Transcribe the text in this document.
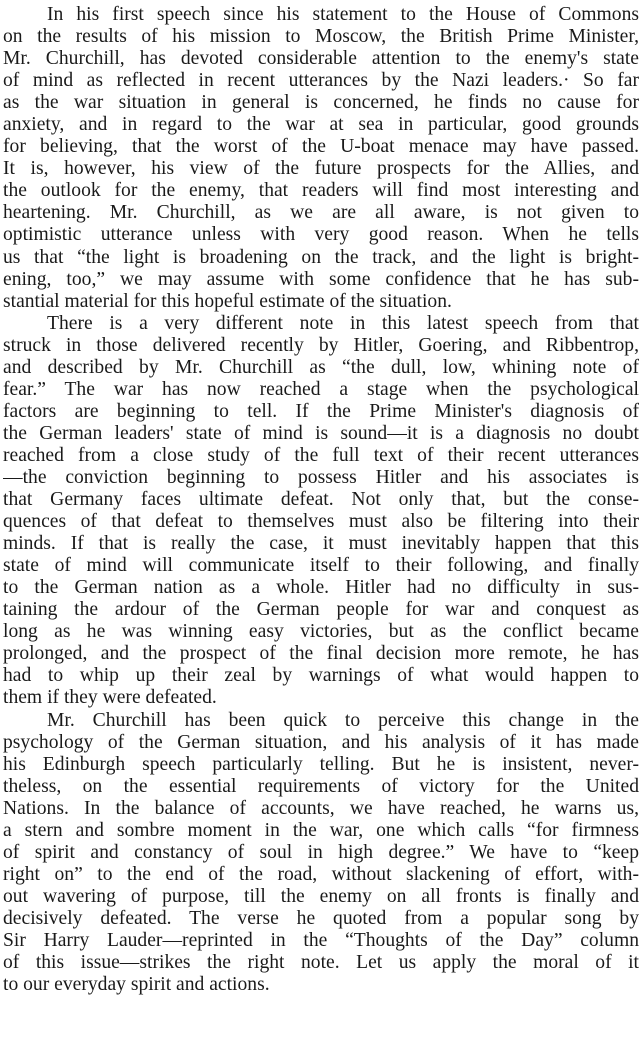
In his first speech since his statement to the House of Commons
on the results of his mission to Moscow, the British Prime Minister,
Mr. Churchill, has devoted considerable attention to the enemy's state
of mind as reflected in recent utterances by the Nazi leaders.· So far
as the war situation in general is concerned, he finds no cause for
anxiety, and in regard to the war at sea in particular, good grounds
for believing, that the worst of the U-boat menace may have passed.
It is, however, his view of the future prospects for the Allies, and
the outlook for the enemy, that readers will find most interesting and
heartening. Mr. Churchill, as we are all aware, is not given to
optimistic utterance unless with very good reason. When he tells
us that “the light is broadening on the track, and the light is bright-
ening, too,” we may assume with some confidence that he has sub-
stantial material for this hopeful estimate of the situation.
There is a very different note in this latest speech from that
struck in those delivered recently by Hitler, Goering, and Ribbentrop,
and described by Mr. Churchill as “the dull, low, whining note of
fear.” The war has now reached a stage when the psychological
factors are beginning to tell. If the Prime Minister's diagnosis of
the German leaders' state of mind is sound—it is a diagnosis no doubt
reached from a close study of the full text of their recent utterances
—the conviction beginning to possess Hitler and his associates is
that Germany faces ultimate defeat. Not only that, but the conse-
quences of that defeat to themselves must also be filtering into their
minds. If that is really the case, it must inevitably happen that this
state of mind will communicate itself to their following, and finally
to the German nation as a whole. Hitler had no difficulty in sus-
taining the ardour of the German people for war and conquest as
long as he was winning easy victories, but as the conflict became
prolonged, and the prospect of the final decision more remote, he has
had to whip up their zeal by warnings of what would happen to
them if they were defeated.
Mr. Churchill has been quick to perceive this change in the
psychology of the German situation, and his analysis of it has made
his Edinburgh speech particularly telling. But he is insistent, never-
theless, on the essential requirements of victory for the United
Nations. In the balance of accounts, we have reached, he warns us,
a stern and sombre moment in the war, one which calls “for firmness
of spirit and constancy of soul in high degree.” We have to “keep
right on” to the end of the road, without slackening of effort, with-
out wavering of purpose, till the enemy on all fronts is finally and
decisively defeated. The verse he quoted from a popular song by
Sir Harry Lauder—reprinted in the “Thoughts of the Day” column
of this issue—strikes the right note. Let us apply the moral of it
to our everyday spirit and actions.
